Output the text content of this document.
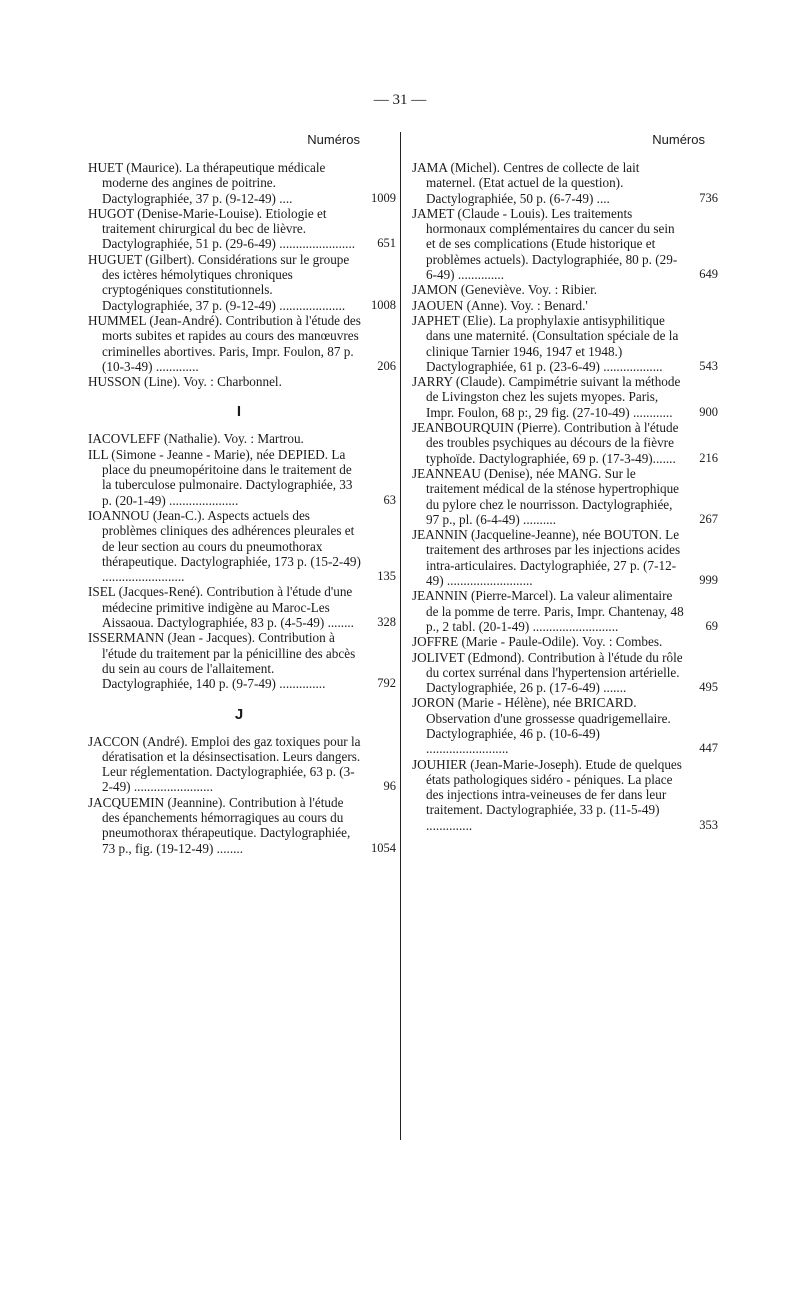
— 31 —
Numéros	Numéros
HUET (Maurice). La thérapeutique médicale moderne des angines de poitrine. Dactylographiée, 37 p. (9-12-49) ....	1009
HUGOT (Denise-Marie-Louise). Etiologie et traitement chirurgical du bec de lièvre. Dactylographiée, 51 p. (29-6-49) .......................	651
HUGUET (Gilbert). Considérations sur le groupe des ictères hémolytiques chroniques cryptogéniques constitutionnels. Dactylographiée, 37 p. (9-12-49) ....................	1008
HUMMEL (Jean-André). Contribution à l'étude des morts subites et rapides au cours des manœuvres criminelles abortives. Paris, Impr. Foulon, 87 p. (10-3-49) .............	206
HUSSON (Line). Voy. : Charbonnel.
I
IACOVLEFF (Nathalie). Voy. : Martrou.
ILL (Simone - Jeanne - Marie), née DEPIED. La place du pneumopéritoine dans le traitement de la tuberculose pulmonaire. Dactylographiée, 33 p. (20-1-49) .....................	63
IOANNOU (Jean-C.). Aspects actuels des problèmes cliniques des adhérences pleurales et de leur section au cours du pneumothorax thérapeutique. Dactylographiée, 173 p. (15-2-49) .........................	135
ISEL (Jacques-René). Contribution à l'étude d'une médecine primitive indigène au Maroc-Les Aissaoua. Dactylographiée, 83 p. (4-5-49) ........	328
ISSERMANN (Jean - Jacques). Contribution à l'étude du traitement par la pénicilline des abcès du sein au cours de l'allaitement. Dactylographiée, 140 p. (9-7-49) ..............	792
J
JACCON (André). Emploi des gaz toxiques pour la dératisation et la désinsectisation. Leurs dangers. Leur réglementation. Dactylographiée, 63 p. (3-2-49) ........................	96
JACQUEMIN (Jeannine). Contribution à l'étude des épanchements hémorragiques au cours du pneumothorax thérapeutique. Dactylographiée, 73 p., fig. (19-12-49) ........	1054
JAMA (Michel). Centres de collecte de lait maternel. (Etat actuel de la question). Dactylographiée, 50 p. (6-7-49) ....	736
JAMET (Claude - Louis). Les traitements hormonaux complémentaires du cancer du sein et de ses complications (Etude historique et problèmes actuels). Dactylographiée, 80 p. (29-6-49) ..............	649
JAMON (Geneviève. Voy. : Ribier.
JAOUEN (Anne). Voy. : Benard.'
JAPHET (Elie). La prophylaxie antisyphilitique dans une maternité. (Consultation spéciale de la clinique Tarnier 1946, 1947 et 1948.) Dactylographiée, 61 p. (23-6-49) ..................	543
JARRY (Claude). Campimétrie suivant la méthode de Livingston chez les sujets myopes. Paris, Impr. Foulon, 68 p:, 29 fig. (27-10-49) ............	900
JEANBOURQUIN (Pierre). Contribution à l'étude des troubles psychiques au décours de la fièvre typhoïde. Dactylographiée, 69 p. (17-3-49).......	216
JEANNEAU (Denise), née MANG. Sur le traitement médical de la sténose hypertrophique du pylore chez le nourrisson. Dactylographiée, 97 p., pl. (6-4-49) ..........	267
JEANNIN (Jacqueline-Jeanne), née BOUTON. Le traitement des arthroses par les injections acides intra-articulaires. Dactylographiée, 27 p. (7-12-49) ..........................	999
JEANNIN (Pierre-Marcel). La valeur alimentaire de la pomme de terre. Paris, Impr. Chantenay, 48 p., 2 tabl. (20-1-49) ..........................	69
JOFFRE (Marie - Paule-Odile). Voy. : Combes.
JOLIVET (Edmond). Contribution à l'étude du rôle du cortex surrénal dans l'hypertension artérielle. Dactylographiée, 26 p. (17-6-49) .......	495
JORON (Marie - Hélène), née BRICARD. Observation d'une grossesse quadrigemellaire. Dactylographiée, 46 p. (10-6-49) .........................	447
JOUHIER (Jean-Marie-Joseph). Etude de quelques états pathologiques sidéro - péniques. La place des injections intra-veineuses de fer dans leur traitement. Dactylographiée, 33 p. (11-5-49) ..............	353
